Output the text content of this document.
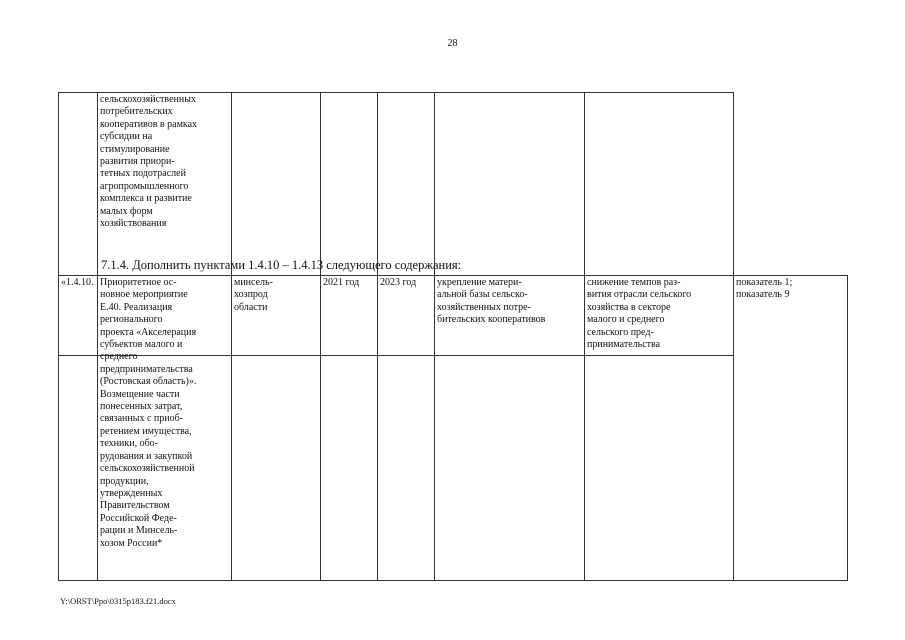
28
	сельскохозяйственных
потребительских
кооперативов в рамках
субсидии на
стимулирование
развития приори-
тетных подотраслей
агропромышленного
комплекса и развитие
малых форм
хозяйствования						
7.1.4. Дополнить пунктами 1.4.10 – 1.4.13 следующего содержания:
«1.4.10.	Приоритетное ос-
новное мероприятие
Е.40. Реализация
регионального
проекта «Акселерация
субъектов малого и
среднего
предпринимательства
(Ростовская область)».
Возмещение части
понесенных затрат,
связанных с приоб-
ретением имущества,
техники, обо-
рудования и закупкой
сельскохозяйственной
продукции,
утвержденных
Правительством
Российской Феде-
рации и Минсель-
хозом России*	минсель-
хозпрод
области	2021 год	2023 год	укрепление матери-
альной базы сельско-
хозяйственных потре-
бительских кооперативов	снижение темпов раз-
вития отрасли сельского
хозяйства в секторе
малого и среднего
сельского пред-
принимательства	показатель 1;
показатель 9
Y:\ORST\Ppo\0315p183.f21.docx
